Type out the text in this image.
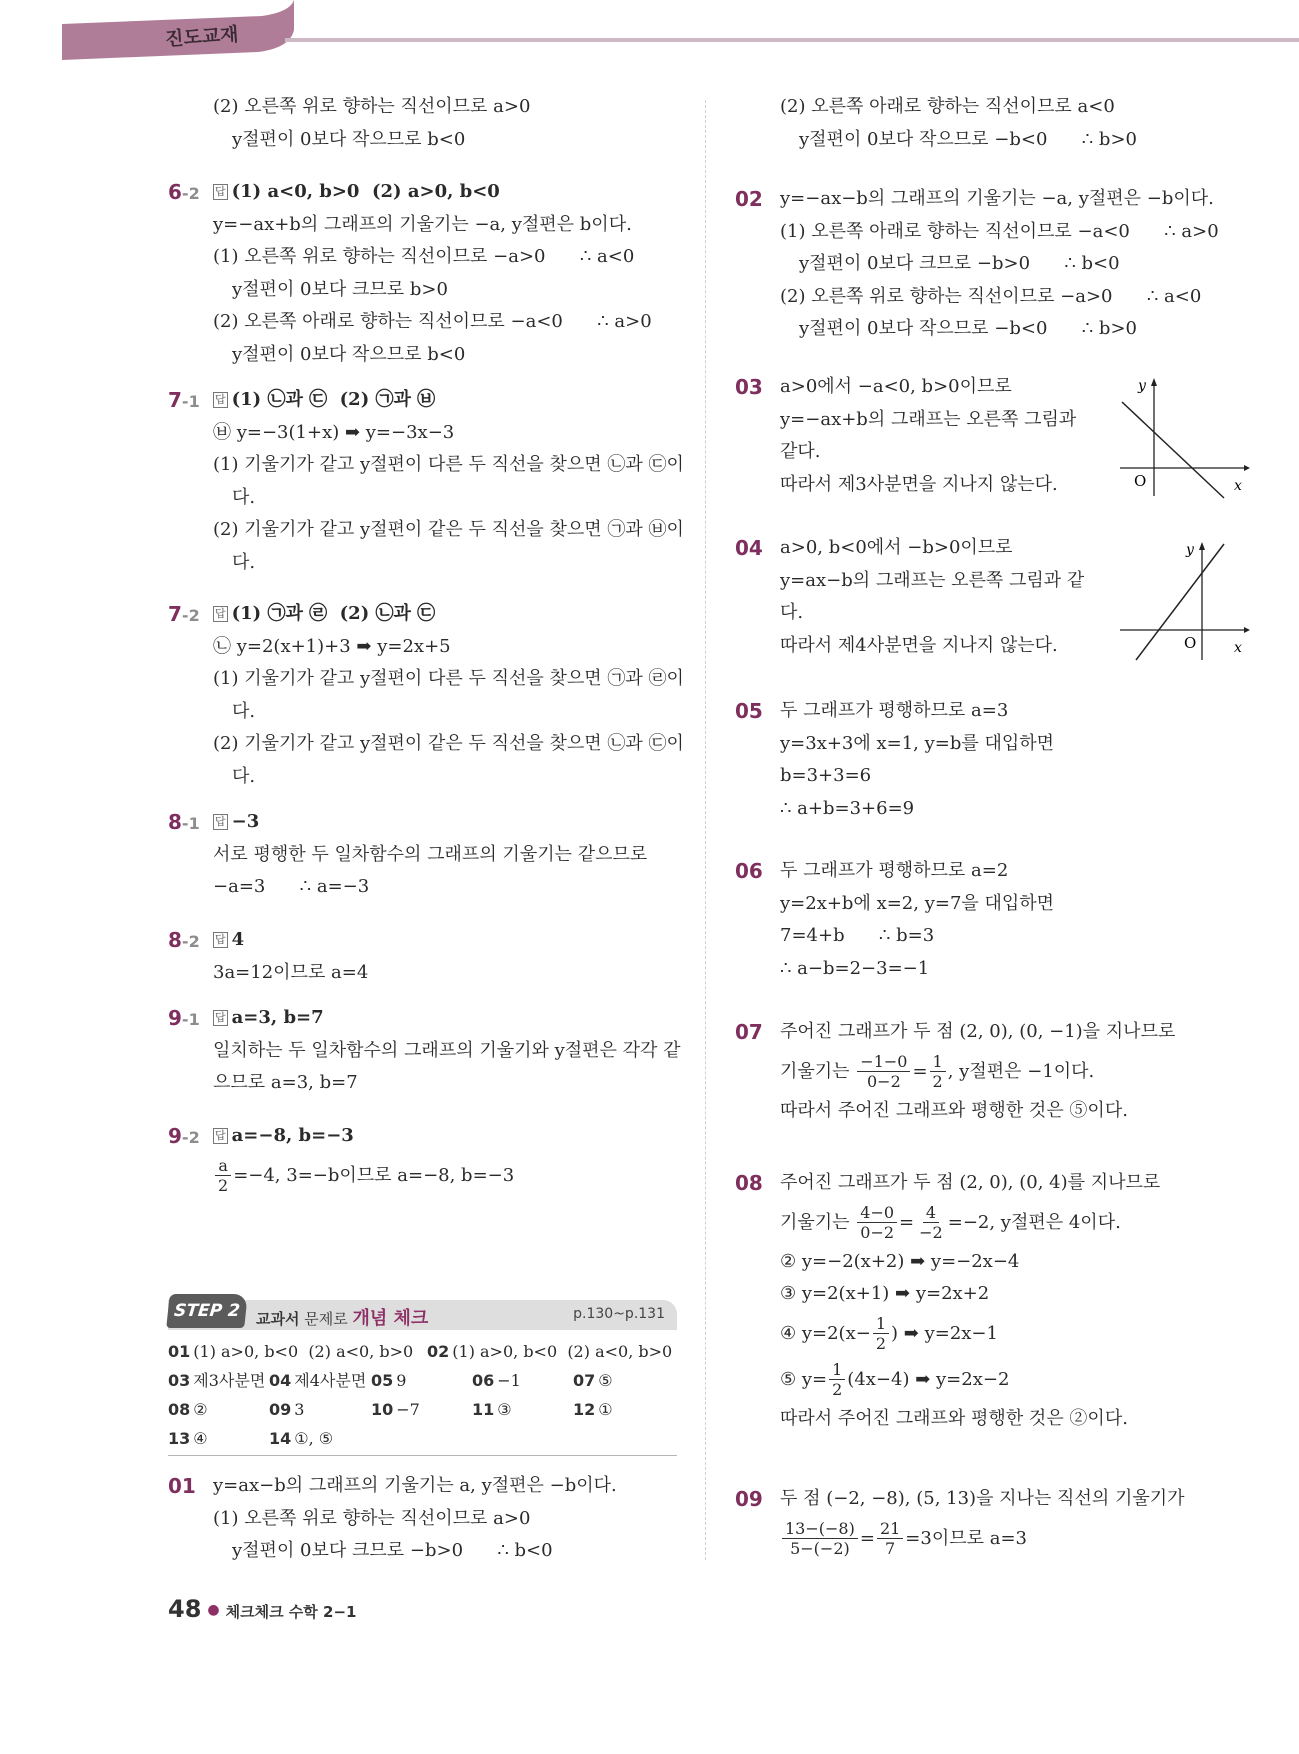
진도교재
(2) 오른쪽 위로 향하는 직선이므로 a>0
y절편이 0보다 작으므로 b<0
6-2 답 (1) a<0, b>0  (2) a>0, b<0
y=−ax+b의 그래프의 기울기는 −a, y절편은 b이다.
(1) 오른쪽 위로 향하는 직선이므로 −a>0      ∴ a<0
y절편이 0보다 크므로 b>0
(2) 오른쪽 아래로 향하는 직선이므로 −a<0      ∴ a>0
y절편이 0보다 작으므로 b<0
7-1 답 (1) ㉡과 ㉢  (2) ㉠과 ㉥
㉥ y=−3(1+x) ➡ y=−3x−3
(1) 기울기가 같고 y절편이 다른 두 직선을 찾으면 ㉡과 ㉢이
다.
(2) 기울기가 같고 y절편이 같은 두 직선을 찾으면 ㉠과 ㉥이
다.
7-2 답 (1) ㉠과 ㉣  (2) ㉡과 ㉢
㉡ y=2(x+1)+3 ➡ y=2x+5
(1) 기울기가 같고 y절편이 다른 두 직선을 찾으면 ㉠과 ㉣이
다.
(2) 기울기가 같고 y절편이 같은 두 직선을 찾으면 ㉡과 ㉢이
다.
8-1 답 −3
서로 평행한 두 일차함수의 그래프의 기울기는 같으므로
−a=3      ∴ a=−3
8-2 답 4
3a=12이므로 a=4
9-1 답 a=3, b=7
일치하는 두 일차함수의 그래프의 기울기와 y절편은 각각 같
으므로 a=3, b=7
9-2 답 a=−8, b=−3
$\frac{a}{2} =-4$, 3=−b이므로 a=−8, b=−3
01 y=ax−b의 그래프의 기울기는 a, y절편은 −b이다.
(1) 오른쪽 위로 향하는 직선이므로 a>0
y절편이 0보다 크므로 −b>0      ∴ b<0
(2) 오른쪽 아래로 향하는 직선이므로 a<0
y절편이 0보다 작으므로 −b<0      ∴ b>0
02 y=−ax−b의 그래프의 기울기는 −a, y절편은 −b이다.
(1) 오른쪽 아래로 향하는 직선이므로 −a<0      ∴ a>0
y절편이 0보다 크므로 −b>0      ∴ b<0
(2) 오른쪽 위로 향하는 직선이므로 −a>0      ∴ a<0
y절편이 0보다 작으므로 −b<0      ∴ b>0
03 a>0에서 −a<0, b>0이므로
y=−ax+b의 그래프는 오른쪽 그림과
같다.
따라서 제3사분면을 지나지 않는다.
04 a>0, b<0에서 −b>0이므로
y=ax−b의 그래프는 오른쪽 그림과 같
다.
따라서 제4사분면을 지나지 않는다.
05 두 그래프가 평행하므로 a=3
y=3x+3에 x=1, y=b를 대입하면
b=3+3=6
∴ a+b=3+6=9
06 두 그래프가 평행하므로 a=2
y=2x+b에 x=2, y=7을 대입하면
7=4+b      ∴ b=3
∴ a−b=2−3=−1
07 주어진 그래프가 두 점 (2, 0), (0, −1)을 지나므로
기울기는 $\frac{-1-0}{0-2} = \frac{1}{2}$ , y절편은 −1이다.
따라서 주어진 그래프와 평행한 것은 ⑤이다.
08 주어진 그래프가 두 점 (2, 0), (0, 4)를 지나므로
기울기는 $\frac{4-0}{0-2} = \frac{4}{-2} =-2$, y절편은 4이다.
② y=−2(x+2) ➡ y=−2x−4
③ y=2(x+1) ➡ y=2x+2
④ $y=2(x- \frac{1}{2}$ ) ➡ y=2x−1
⑤ $y= \frac{1}{2} (4x-4)$ ➡ y=2x−2
따라서 주어진 그래프와 평행한 것은 ②이다.
09 두 점 (−2, −8), (5, 13)을 지나는 직선의 기울기가
$\frac{13-(-8)}{5-(-2)} = \frac{21}{7} =3$이므로 a=3
O	x
y
O	x
y
STEP 2	교과서 문제로 개념 체크	p.130~p.131
01 (1) a>0, b<0  (2) a<0, b>0 02 (1) a>0, b<0  (2) a<0, b>0
03 제3사분면 04 제4사분면 05 9	06 −1	07 ⑤
08 ②	09 3	10 −7	11 ③	12 ①
13 ④	14 ①, ⑤
48 ● 체크체크 수학 2−1
